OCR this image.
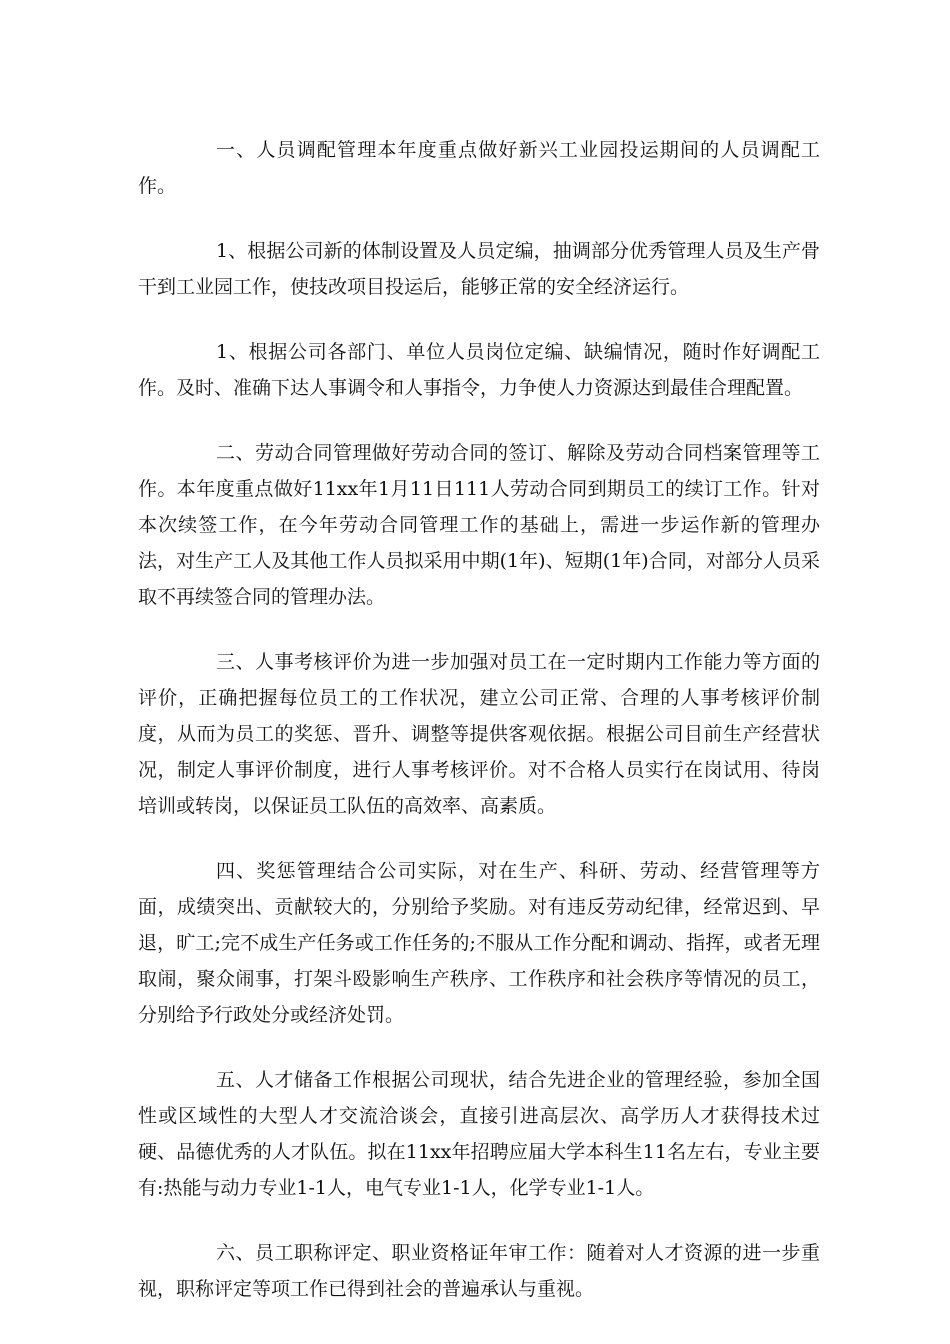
一、人员调配管理本年度重点做好新兴工业园投运期间的人员调配工作。

1、根据公司新的体制设置及人员定编，抽调部分优秀管理人员及生产骨干到工业园工作，使技改项目投运后，能够正常的安全经济运行。

1、根据公司各部门、单位人员岗位定编、缺编情况，随时作好调配工作。及时、准确下达人事调令和人事指令，力争使人力资源达到最佳合理配置。

二、劳动合同管理做好劳动合同的签订、解除及劳动合同档案管理等工作。本年度重点做好11xx年1月11日111人劳动合同到期员工的续订工作。针对本次续签工作，在今年劳动合同管理工作的基础上，需进一步运作新的管理办法，对生产工人及其他工作人员拟采用中期(1年)、短期(1年)合同，对部分人员采取不再续签合同的管理办法。

三、人事考核评价为进一步加强对员工在一定时期内工作能力等方面的评价，正确把握每位员工的工作状况，建立公司正常、合理的人事考核评价制度，从而为员工的奖惩、晋升、调整等提供客观依据。根据公司目前生产经营状况，制定人事评价制度，进行人事考核评价。对不合格人员实行在岗试用、待岗培训或转岗，以保证员工队伍的高效率、高素质。

四、奖惩管理结合公司实际，对在生产、科研、劳动、经营管理等方面，成绩突出、贡献较大的，分别给予奖励。对有违反劳动纪律，经常迟到、早退，旷工;完不成生产任务或工作任务的;不服从工作分配和调动、指挥，或者无理取闹，聚众闹事，打架斗殴影响生产秩序、工作秩序和社会秩序等情况的员工，分别给予行政处分或经济处罚。

五、人才储备工作根据公司现状，结合先进企业的管理经验，参加全国性或区域性的大型人才交流洽谈会，直接引进高层次、高学历人才获得技术过硬、品德优秀的人才队伍。拟在11xx年招聘应届大学本科生11名左右，专业主要有:热能与动力专业1-1人，电气专业1-1人，化学专业1-1人。

六、员工职称评定、职业资格证年审工作：随着对人才资源的进一步重视，职称评定等项工作已得到社会的普遍承认与重视。
